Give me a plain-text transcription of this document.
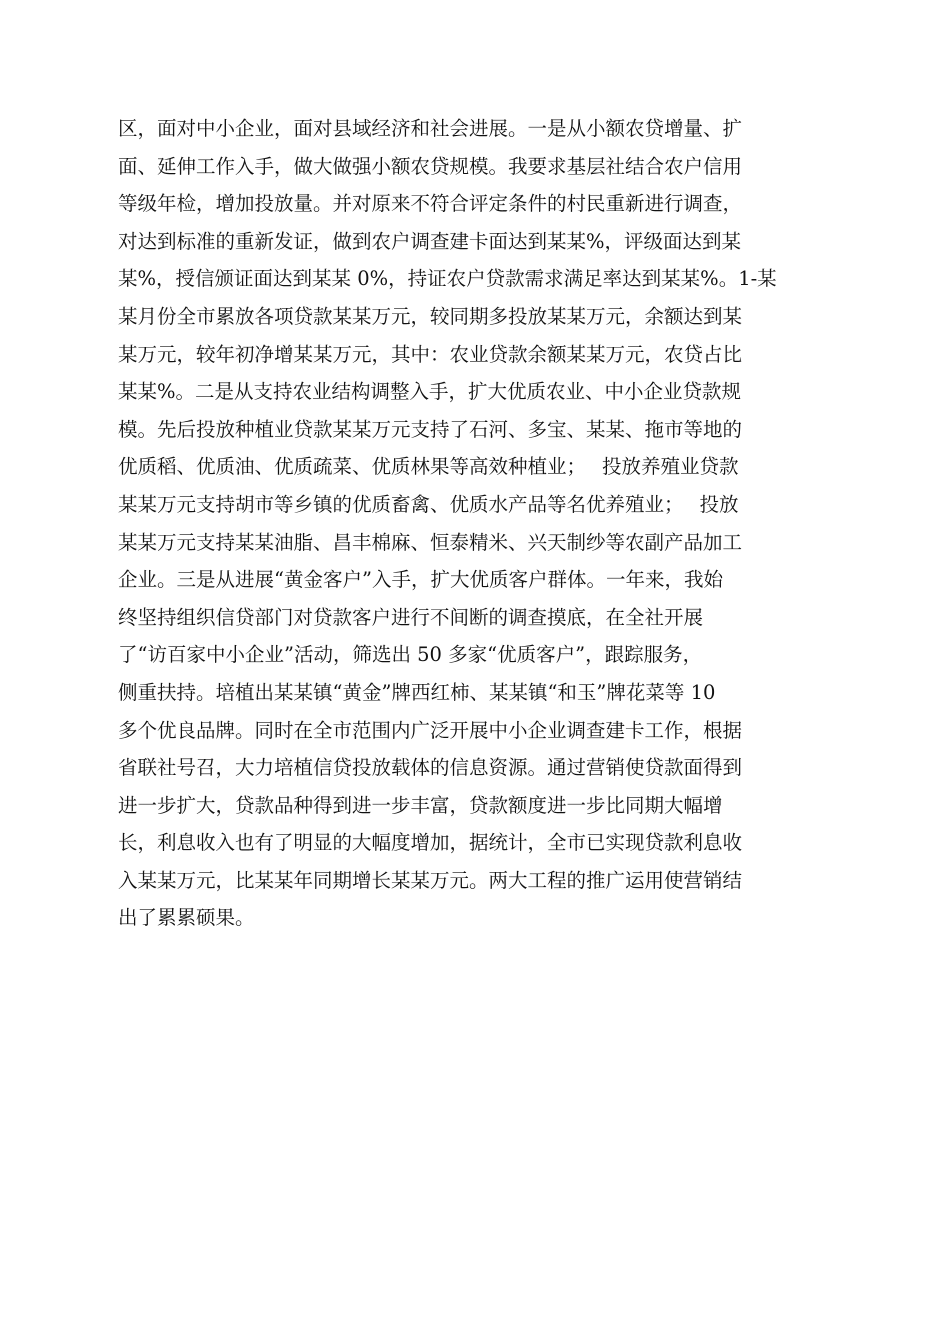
区，面对中小企业，面对县域经济和社会进展。一是从小额农贷增量、扩
面、延伸工作入手，做大做强小额农贷规模。我要求基层社结合农户信用
等级年检，增加投放量。并对原来不符合评定条件的村民重新进行调查，
对达到标准的重新发证，做到农户调查建卡面达到某某%，评级面达到某
某%，授信颁证面达到某某 0%，持证农户贷款需求满足率达到某某%。1-某
某月份全市累放各项贷款某某万元，较同期多投放某某万元，余额达到某
某万元，较年初净增某某万元，其中：农业贷款余额某某万元，农贷占比
某某%。二是从支持农业结构调整入手，扩大优质农业、中小企业贷款规
模。先后投放种植业贷款某某万元支持了石河、多宝、某某、拖市等地的
优质稻、优质油、优质疏菜、优质林果等高效种植业；　 投放养殖业贷款
某某万元支持胡市等乡镇的优质畜禽、优质水产品等名优养殖业；　 投放
某某万元支持某某油脂、昌丰棉麻、恒泰精米、兴天制纱等农副产品加工
企业。三是从进展“黄金客户”入手，扩大优质客户群体。一年来，我始
终坚持组织信贷部门对贷款客户进行不间断的调查摸底，在全社开展
了“访百家中小企业”活动，筛选出 50 多家“优质客户”，跟踪服务，
侧重扶持。培植出某某镇“黄金”牌西红柿、某某镇“和玉”牌花菜等 10
多个优良品牌。同时在全市范围内广泛开展中小企业调查建卡工作，根据
省联社号召，大力培植信贷投放载体的信息资源。通过营销使贷款面得到
进一步扩大，贷款品种得到进一步丰富，贷款额度进一步比同期大幅增
长，利息收入也有了明显的大幅度增加，据统计，全市已实现贷款利息收
入某某万元，比某某年同期增长某某万元。两大工程的推广运用使营销结
出了累累硕果。
